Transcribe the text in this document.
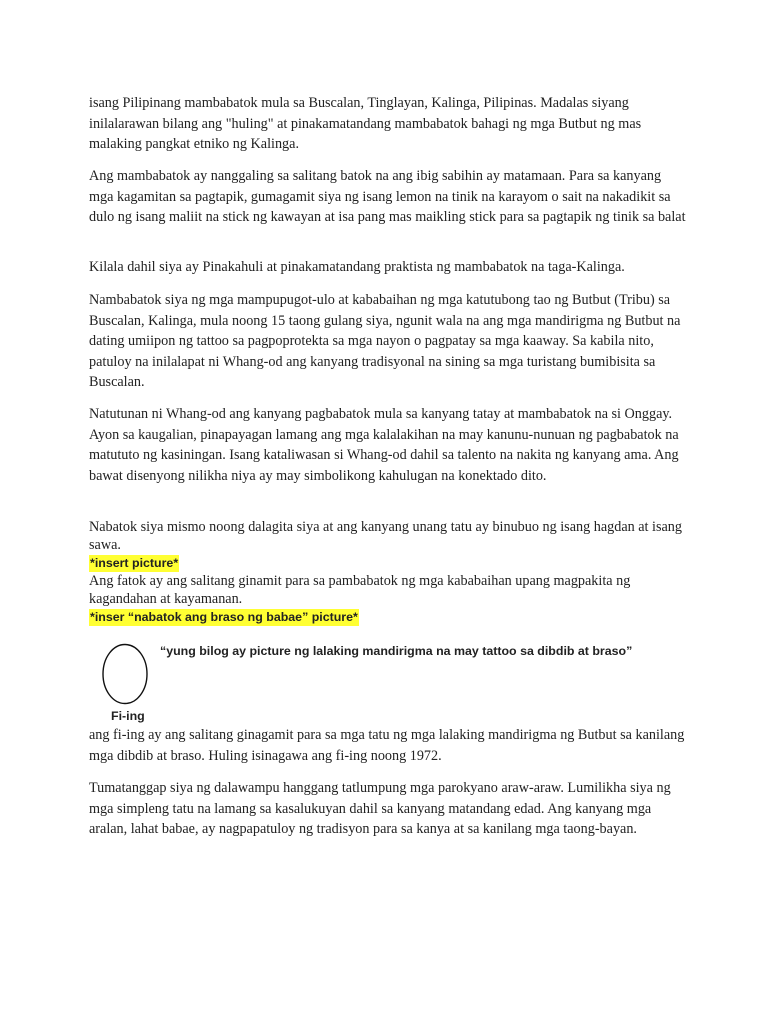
isang Pilipinang mambabatok mula sa Buscalan, Tinglayan, Kalinga, Pilipinas. Madalas siyang inilalarawan bilang ang "huling" at pinakamatandang mambabatok bahagi ng mga Butbut ng mas malaking pangkat etniko ng Kalinga.

Ang mambabatok ay nanggaling sa salitang batok na ang ibig sabihin ay matamaan. Para sa kanyang mga kagamitan sa pagtapik, gumagamit siya ng isang lemon na tinik na karayom o sait na nakadikit sa dulo ng isang maliit na stick ng kawayan at isa pang mas maikling stick para sa pagtapik ng tinik sa balat

Kilala dahil siya ay Pinakahuli at pinakamatandang praktista ng mambabatok na taga-Kalinga.

Nambabatok siya ng mga mampupugot-ulo at kababaihan ng mga katutubong tao ng Butbut (Tribu) sa Buscalan, Kalinga, mula noong 15 taong gulang siya, ngunit wala na ang mga mandirigma ng Butbut na dating umiipon ng tattoo sa pagpoprotekta sa mga nayon o pagpatay sa mga kaaway. Sa kabila nito, patuloy na inilalapat ni Whang-od ang kanyang tradisyonal na sining sa mga turistang bumibisita sa Buscalan.

Natutunan ni Whang-od ang kanyang pagbabatok mula sa kanyang tatay at mambabatok na si Onggay. Ayon sa kaugalian, pinapayagan lamang ang mga kalalakihan na may kanunu-nunuan ng pagbabatok na matututo ng kasiningan. Isang kataliwasan si Whang-od dahil sa talento na nakita ng kanyang ama. Ang bawat disenyong nilikha niya ay may simbolikong kahulugan na konektado dito.

Nabatok siya mismo noong dalagita siya at ang kanyang unang tatu ay binubuo ng isang hagdan at isang sawa.

*insert picture*

Ang fatok ay ang salitang ginamit para sa pambabatok ng mga kababaihan upang magpakita ng kagandahan at kayamanan.

*inser “nabatok ang braso ng babae” picture*
“yung bilog ay picture ng lalaking mandirigma na may tattoo sa dibdib at braso”
Fi-ing

ang fi-ing ay ang salitang ginagamit para sa mga tatu ng mga lalaking mandirigma ng Butbut sa kanilang mga dibdib at braso. Huling isinagawa ang fi-ing noong 1972.

Tumatanggap siya ng dalawampu hanggang tatlumpung mga parokyano araw-araw. Lumilikha siya ng mga simpleng tatu na lamang sa kasalukuyan dahil sa kanyang matandang edad. Ang kanyang mga aralan, lahat babae, ay nagpapatuloy ng tradisyon para sa kanya at sa kanilang mga taong-bayan.
